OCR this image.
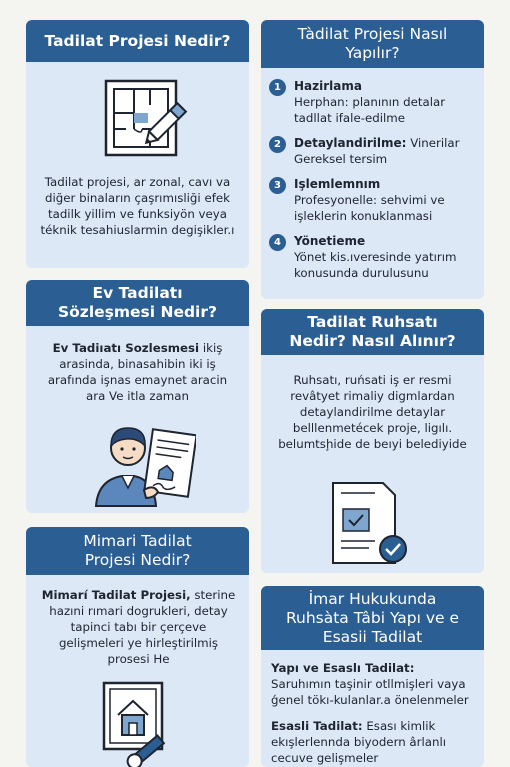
Tadilat Projesi Nedir?
Tadilat projesi, ar zonal, cavı va diğer binaların çaşrımısliği efek tadilk yillim ve funksiyön veya téknik tesahiuslarmin degişikler.ı
Tàdilat Projesi Nasıl Yapılır?
1	Hazirlama
Herphan: planının detalar tadllat ifale-edilme
2	Detaylandirilme: Vinerilar
Gereksel tersim
3	Işlemlemnım
Profesyonelle: sehvimi ve işleklerin konuklanmasi
4	Yönetieme
Yönet kis.ıveresinde yatırım konusunda durulusunu
Ev Tadilatı Sözleşmesi Nedir?
Ev Tadiıatı Sozlesmesi ikiş arasinda, binasahibin iki iş arafında işnas emaynet aracin ara Ve itla zaman
Tadilat Ruhsatı Nedir? Nasıl Alınır?
Ruhsatı, ruńsati iş er resmi revâtyet rimaliy digmlardan detaylandirilme detaylar belllenmetécek proje, ligılı. belumtsḩide de beıyi belediyide
Mimari Tadilat Projesi Nedir?
Mimarí Tadilat Projesi, sterine hazıni rımari dogrukleri, detay tapinci tabı bir çerçeve gelişmeleri ye hirleştirilmiş prosesi He
İmar Hukukunda Ruhsàta Tâbi Yapı ve e Esasii Tadilat
Yapı ve Esaslı Tadilat: Saruhımın taşinir otllmişleri vaya ǵenel tökı-kulanlar.a önelenmeler
Esasli Tadilat: Esası kimlik ekışlerlennda biyodern ârlanlı cecuve gelişmeler
